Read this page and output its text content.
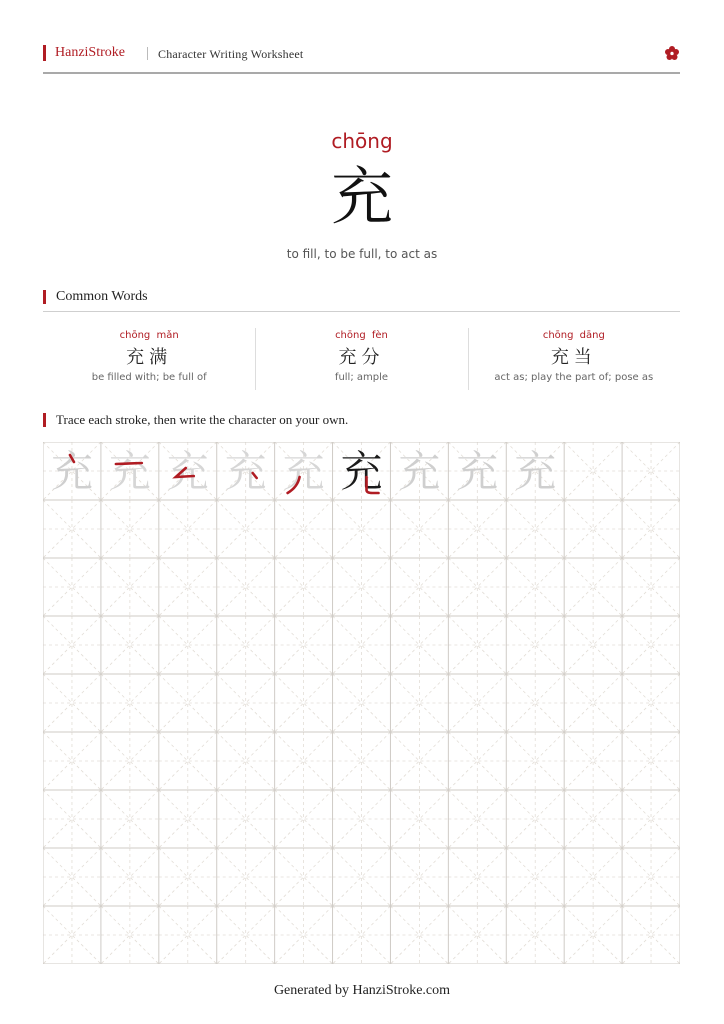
HanziStroke	Character Writing Worksheet
chōng
充
to fill, to be full, to act as
Common Words
chōng mǎn
充满
be filled with; be full of
chōng fèn
充分
full; ample
chōng dāng
充当
act as; play the part of; pose as
Trace each stroke, then write the character on your own.
充 充 充 充 充 充 充 充 充
Generated by HanziStroke.com
